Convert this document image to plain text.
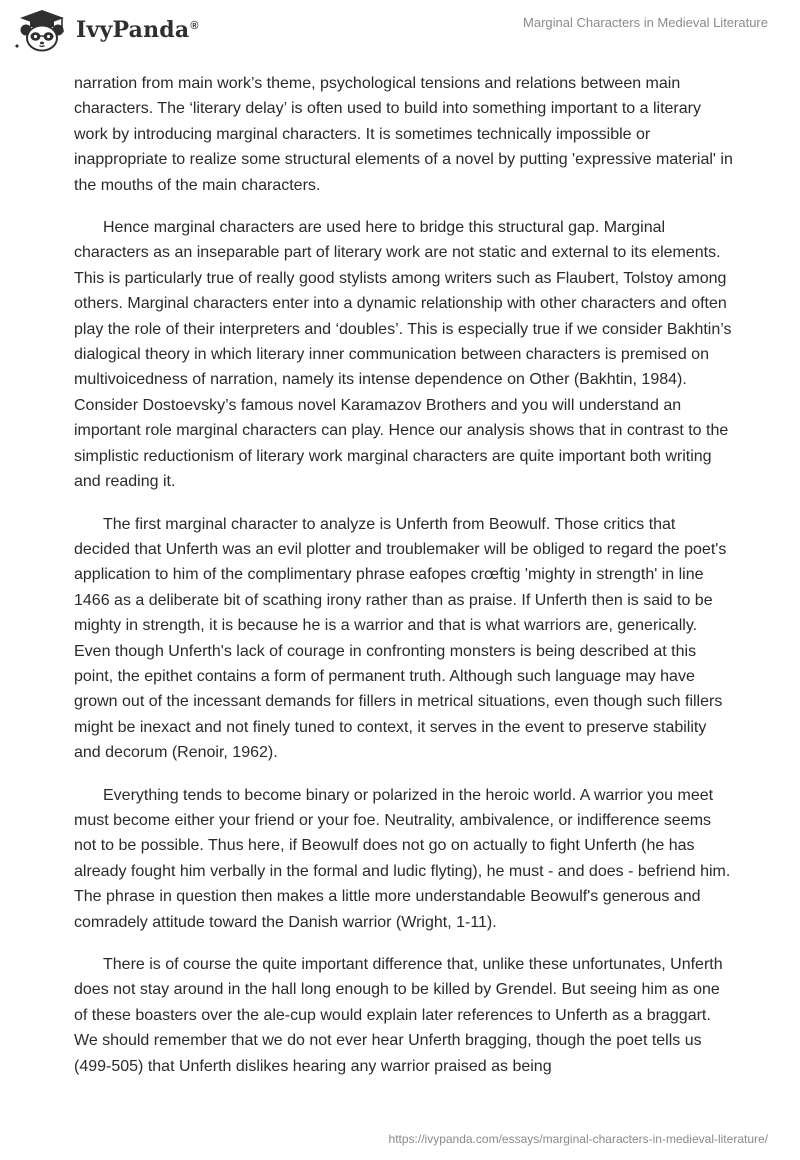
IvyPanda®	Marginal Characters in Medieval Literature

narration from main work’s theme, psychological tensions and relations between main characters. The ‘literary delay’ is often used to build into something important to a literary work by introducing marginal characters. It is sometimes technically impossible or inappropriate to realize some structural elements of a novel by putting 'expressive material' in the mouths of the main characters.

Hence marginal characters are used here to bridge this structural gap. Marginal characters as an inseparable part of literary work are not static and external to its elements. This is particularly true of really good stylists among writers such as Flaubert, Tolstoy among others. Marginal characters enter into a dynamic relationship with other characters and often play the role of their interpreters and ‘doubles’. This is especially true if we consider Bakhtin’s dialogical theory in which literary inner communication between characters is premised on multivoicedness of narration, namely its intense dependence on Other (Bakhtin, 1984). Consider Dostoevsky’s famous novel Karamazov Brothers and you will understand an important role marginal characters can play. Hence our analysis shows that in contrast to the simplistic reductionism of literary work marginal characters are quite important both writing and reading it.

The first marginal character to analyze is Unferth from Beowulf. Those critics that decided that Unferth was an evil plotter and troublemaker will be obliged to regard the poet's application to him of the complimentary phrase eafopes crœftig 'mighty in strength' in line 1466 as a deliberate bit of scathing irony rather than as praise. If Unferth then is said to be mighty in strength, it is because he is a warrior and that is what warriors are, generically. Even though Unferth's lack of courage in confronting monsters is being described at this point, the epithet contains a form of permanent truth. Although such language may have grown out of the incessant demands for fillers in metrical situations, even though such fillers might be inexact and not finely tuned to context, it serves in the event to preserve stability and decorum (Renoir, 1962).

Everything tends to become binary or polarized in the heroic world. A warrior you meet must become either your friend or your foe. Neutrality, ambivalence, or indifference seems not to be possible. Thus here, if Beowulf does not go on actually to fight Unferth (he has already fought him verbally in the formal and ludic flyting), he must - and does - befriend him. The phrase in question then makes a little more understandable Beowulf's generous and comradely attitude toward the Danish warrior (Wright, 1-11).

There is of course the quite important difference that, unlike these unfortunates, Unferth does not stay around in the hall long enough to be killed by Grendel. But seeing him as one of these boasters over the ale-cup would explain later references to Unferth as a braggart. We should remember that we do not ever hear Unferth bragging, though the poet tells us (499-505) that Unferth dislikes hearing any warrior praised as being

https://ivypanda.com/essays/marginal-characters-in-medieval-literature/
